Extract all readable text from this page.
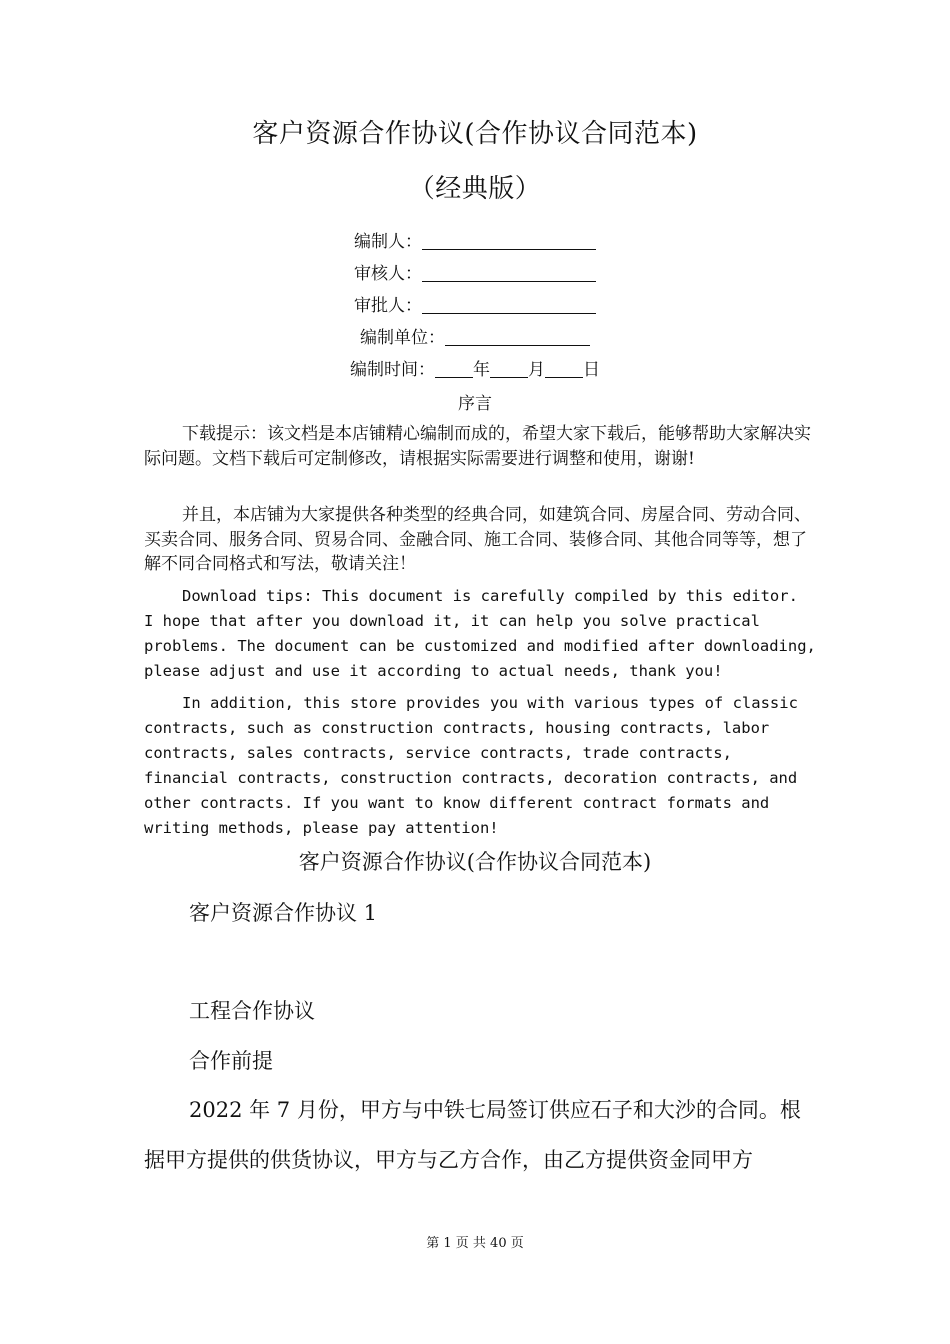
客户资源合作协议(合作协议合同范本)
（经典版）
编制人：
审核人：
审批人：
编制单位：
编制时间： 年 月 日
序言

下载提示：该文档是本店铺精心编制而成的，希望大家下载后，能够帮助大家解决实际问题。文档下载后可定制修改，请根据实际需要进行调整和使用，谢谢!

并且，本店铺为大家提供各种类型的经典合同，如建筑合同、房屋合同、劳动合同、买卖合同、服务合同、贸易合同、金融合同、施工合同、装修合同、其他合同等等，想了解不同合同格式和写法，敬请关注！

Download tips: This document is carefully compiled by this editor. I hope that after you download it, it can help you solve practical problems. The document can be customized and modified after downloading, please adjust and use it according to actual needs, thank you!

In addition, this store provides you with various types of classic contracts, such as construction contracts, housing contracts, labor contracts, sales contracts, service contracts, trade contracts, financial contracts, construction contracts, decoration contracts, and other contracts. If you want to know different contract formats and writing methods, please pay attention!

客户资源合作协议(合作协议合同范本)
客户资源合作协议 1
工程合作协议
合作前提

2022 年 7 月份，甲方与中铁七局签订供应石子和大沙的合同。根据甲方提供的供货协议，甲方与乙方合作，由乙方提供资金同甲方

第 1 页 共 40 页
